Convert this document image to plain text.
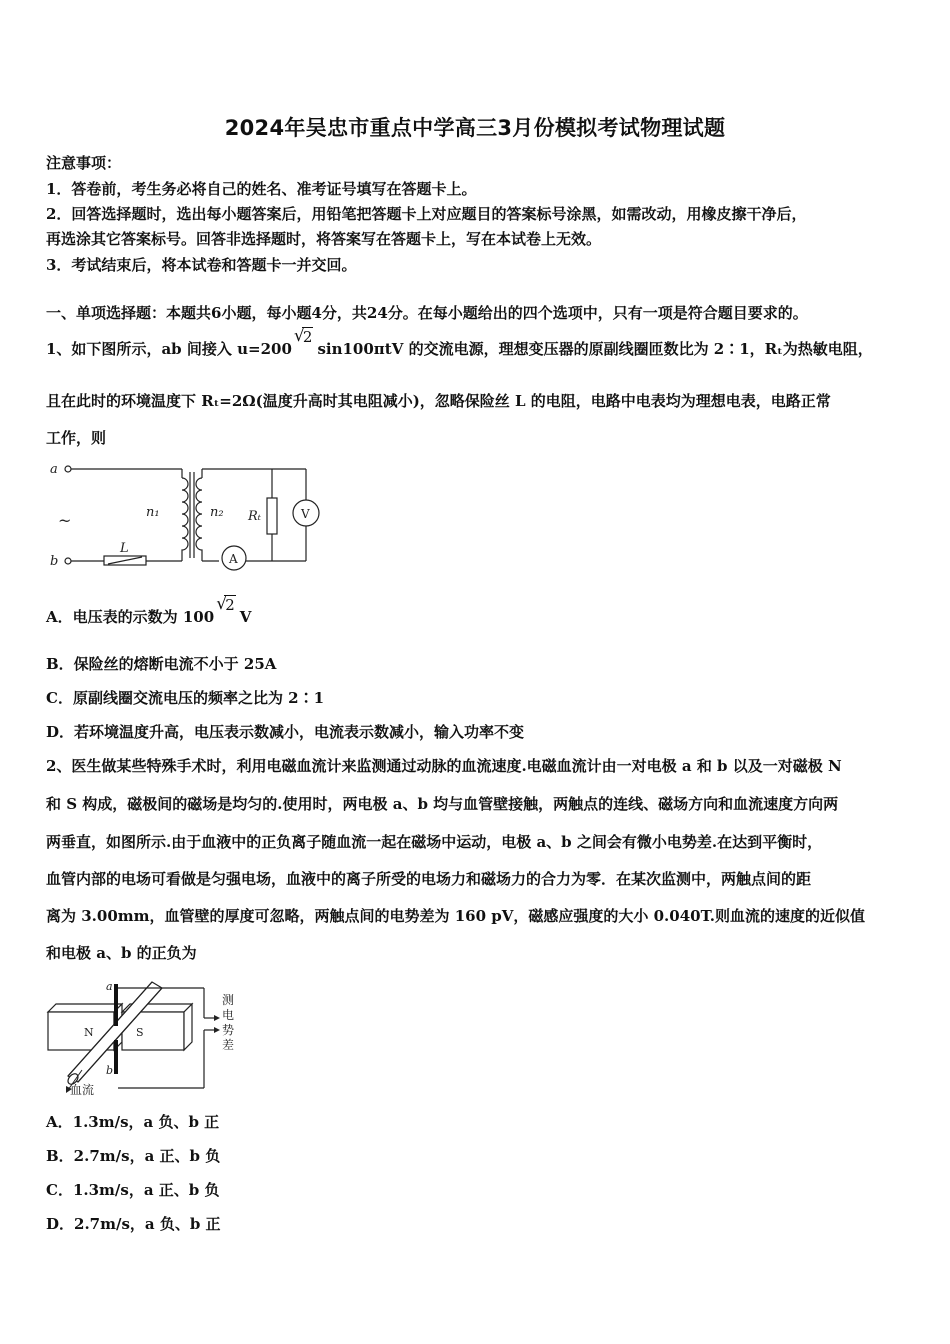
2024年吴忠市重点中学高三3月份模拟考试物理试题
注意事项：
1．答卷前，考生务必将自己的姓名、准考证号填写在答题卡上。
2．回答选择题时，选出每小题答案后，用铅笔把答题卡上对应题目的答案标号涂黑，如需改动，用橡皮擦干净后，
再选涂其它答案标号。回答非选择题时，将答案写在答题卡上，写在本试卷上无效。
3．考试结束后，将本试卷和答题卡一并交回。
一、单项选择题：本题共6小题，每小题4分，共24分。在每小题给出的四个选项中，只有一项是符合题目要求的。
1、如下图所示，ab 间接入 u=200
√
2sin100πtV 的交流电源，理想变压器的原副线圈匝数比为 2∶1，Rₜ为热敏电阻，
且在此时的环境温度下 Rₜ=2Ω(温度升高时其电阻减小)，忽略保险丝 L 的电阻，电路中电表均为理想电表，电路正常
工作，则
a
b
~	n₁	n₂ Rₜ	V
A
L
A．电压表的示数为 100
√
2V
B．保险丝的熔断电流不小于 25A
C．原副线圈交流电压的频率之比为 2∶1
D．若环境温度升高，电压表示数减小，电流表示数减小，输入功率不变
2、医生做某些特殊手术时，利用电磁血流计来监测通过动脉的血流速度.电磁血流计由一对电极 a 和 b 以及一对磁极 N
和 S 构成，磁极间的磁场是均匀的.使用时，两电极 a、b 均与血管壁接触，两触点的连线、磁场方向和血流速度方向两
两垂直，如图所示.由于血液中的正负离子随血流一起在磁场中运动，电极 a、b 之间会有微小电势差.在达到平衡时，
血管内部的电场可看做是匀强电场，血液中的离子所受的电场力和磁场力的合力为零．在某次监测中，两触点间的距
离为 3.00mm，血管壁的厚度可忽略，两触点间的电势差为 160 pV，磁感应强度的大小 0.040T.则血流的速度的近似值
和电极 a、b 的正负为
a
b
N	S
血流
测
电
势
差
A．1.3m/s，a 负、b 正
B．2.7m/s，a 正、b 负
C．1.3m/s，a 正、b 负
D．2.7m/s，a 负、b 正
